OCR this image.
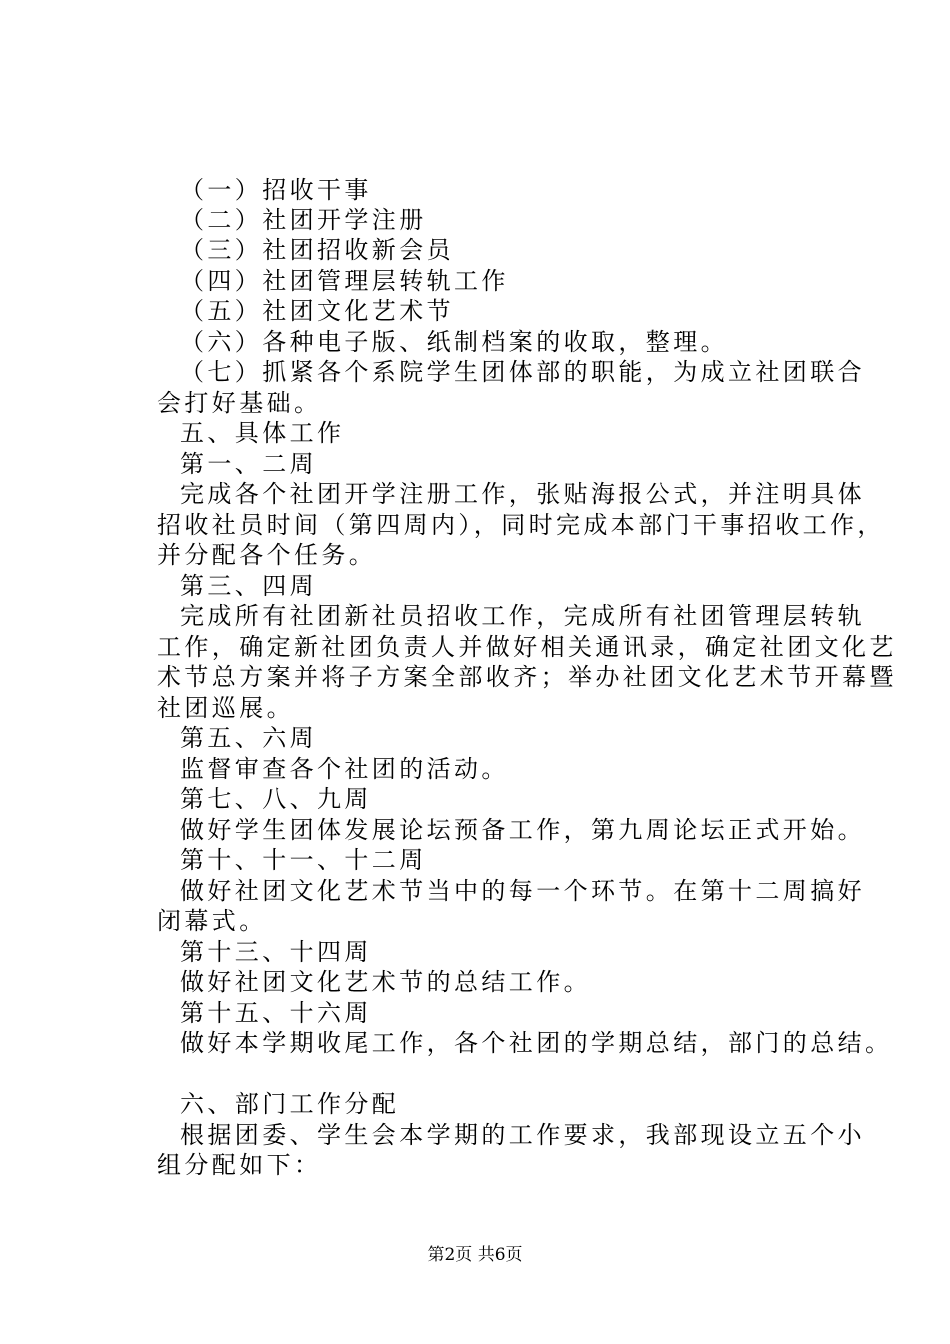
（一）招收干事
（二）社团开学注册
（三）社团招收新会员
（四）社团管理层转轨工作
（五）社团文化艺术节
（六）各种电子版、纸制档案的收取，整理。
（七）抓紧各个系院学生团体部的职能，为成立社团联合
会打好基础。
五、具体工作
第一、二周
完成各个社团开学注册工作，张贴海报公式，并注明具体
招收社员时间（第四周内），同时完成本部门干事招收工作，
并分配各个任务。
第三、四周
完成所有社团新社员招收工作，完成所有社团管理层转轨
工作，确定新社团负责人并做好相关通讯录，确定社团文化艺
术节总方案并将子方案全部收齐；举办社团文化艺术节开幕暨
社团巡展。
第五、六周
监督审查各个社团的活动。
第七、八、九周
做好学生团体发展论坛预备工作，第九周论坛正式开始。
第十、十一、十二周
做好社团文化艺术节当中的每一个环节。在第十二周搞好
闭幕式。
第十三、十四周
做好社团文化艺术节的总结工作。
第十五、十六周
做好本学期收尾工作，各个社团的学期总结，部门的总结。
六、部门工作分配
根据团委、学生会本学期的工作要求，我部现设立五个小
组分配如下：
第2页 共6页
